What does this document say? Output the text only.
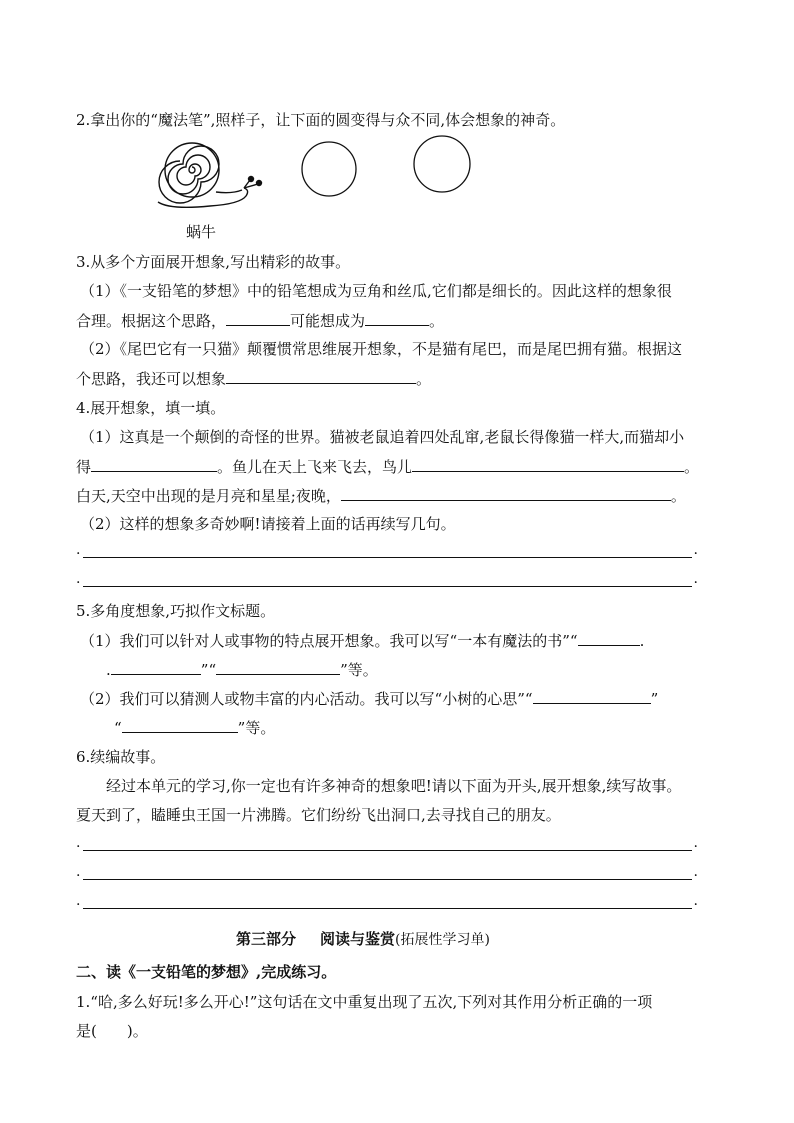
2.拿出你的“魔法笔”,照样子，让下面的圆变得与众不同,体会想象的神奇。
蜗牛
3.从多个方面展开想象,写出精彩的故事。
（1）《一支铅笔的梦想》中的铅笔想成为豆角和丝瓜,它们都是细长的。因此这样的想象很
合理。根据这个思路，	可能想成为	。
（2）《尾巴它有一只猫》颠覆惯常思维展开想象，不是猫有尾巴，而是尾巴拥有猫。根据这
个思路，我还可以想象	。
4.展开想象，填一填。
（1）这真是一个颠倒的奇怪的世界。猫被老鼠追着四处乱窜,老鼠长得像猫一样大,而猫却小
得	。鱼儿在天上飞来飞去，鸟儿	。
白天,天空中出现的是月亮和星星;夜晚，	。
（2）这样的想象多奇妙啊!请接着上面的话再续写几句。
.	.
.	.
5.多角度想象,巧拟作文标题。
（1）我们可以针对人或事物的特点展开想象。我可以写“一本有魔法的书”“	.
.	”“	”等。
（2）我们可以猜测人或物丰富的内心活动。我可以写“小树的心思”“	”
“	”等。
6.续编故事。
经过本单元的学习,你一定也有许多神奇的想象吧!请以下面为开头,展开想象,续写故事。
夏天到了，瞌睡虫王国一片沸腾。它们纷纷飞出洞口,去寻找自己的朋友。
.	.
.	.
.	.
第三部分 阅读与鉴赏(拓展性学习单)
二、读《一支铅笔的梦想》,完成练习。
1.“哈,多么好玩!多么开心!”这句话在文中重复出现了五次,下列对其作用分析正确的一项
是(　　)。
